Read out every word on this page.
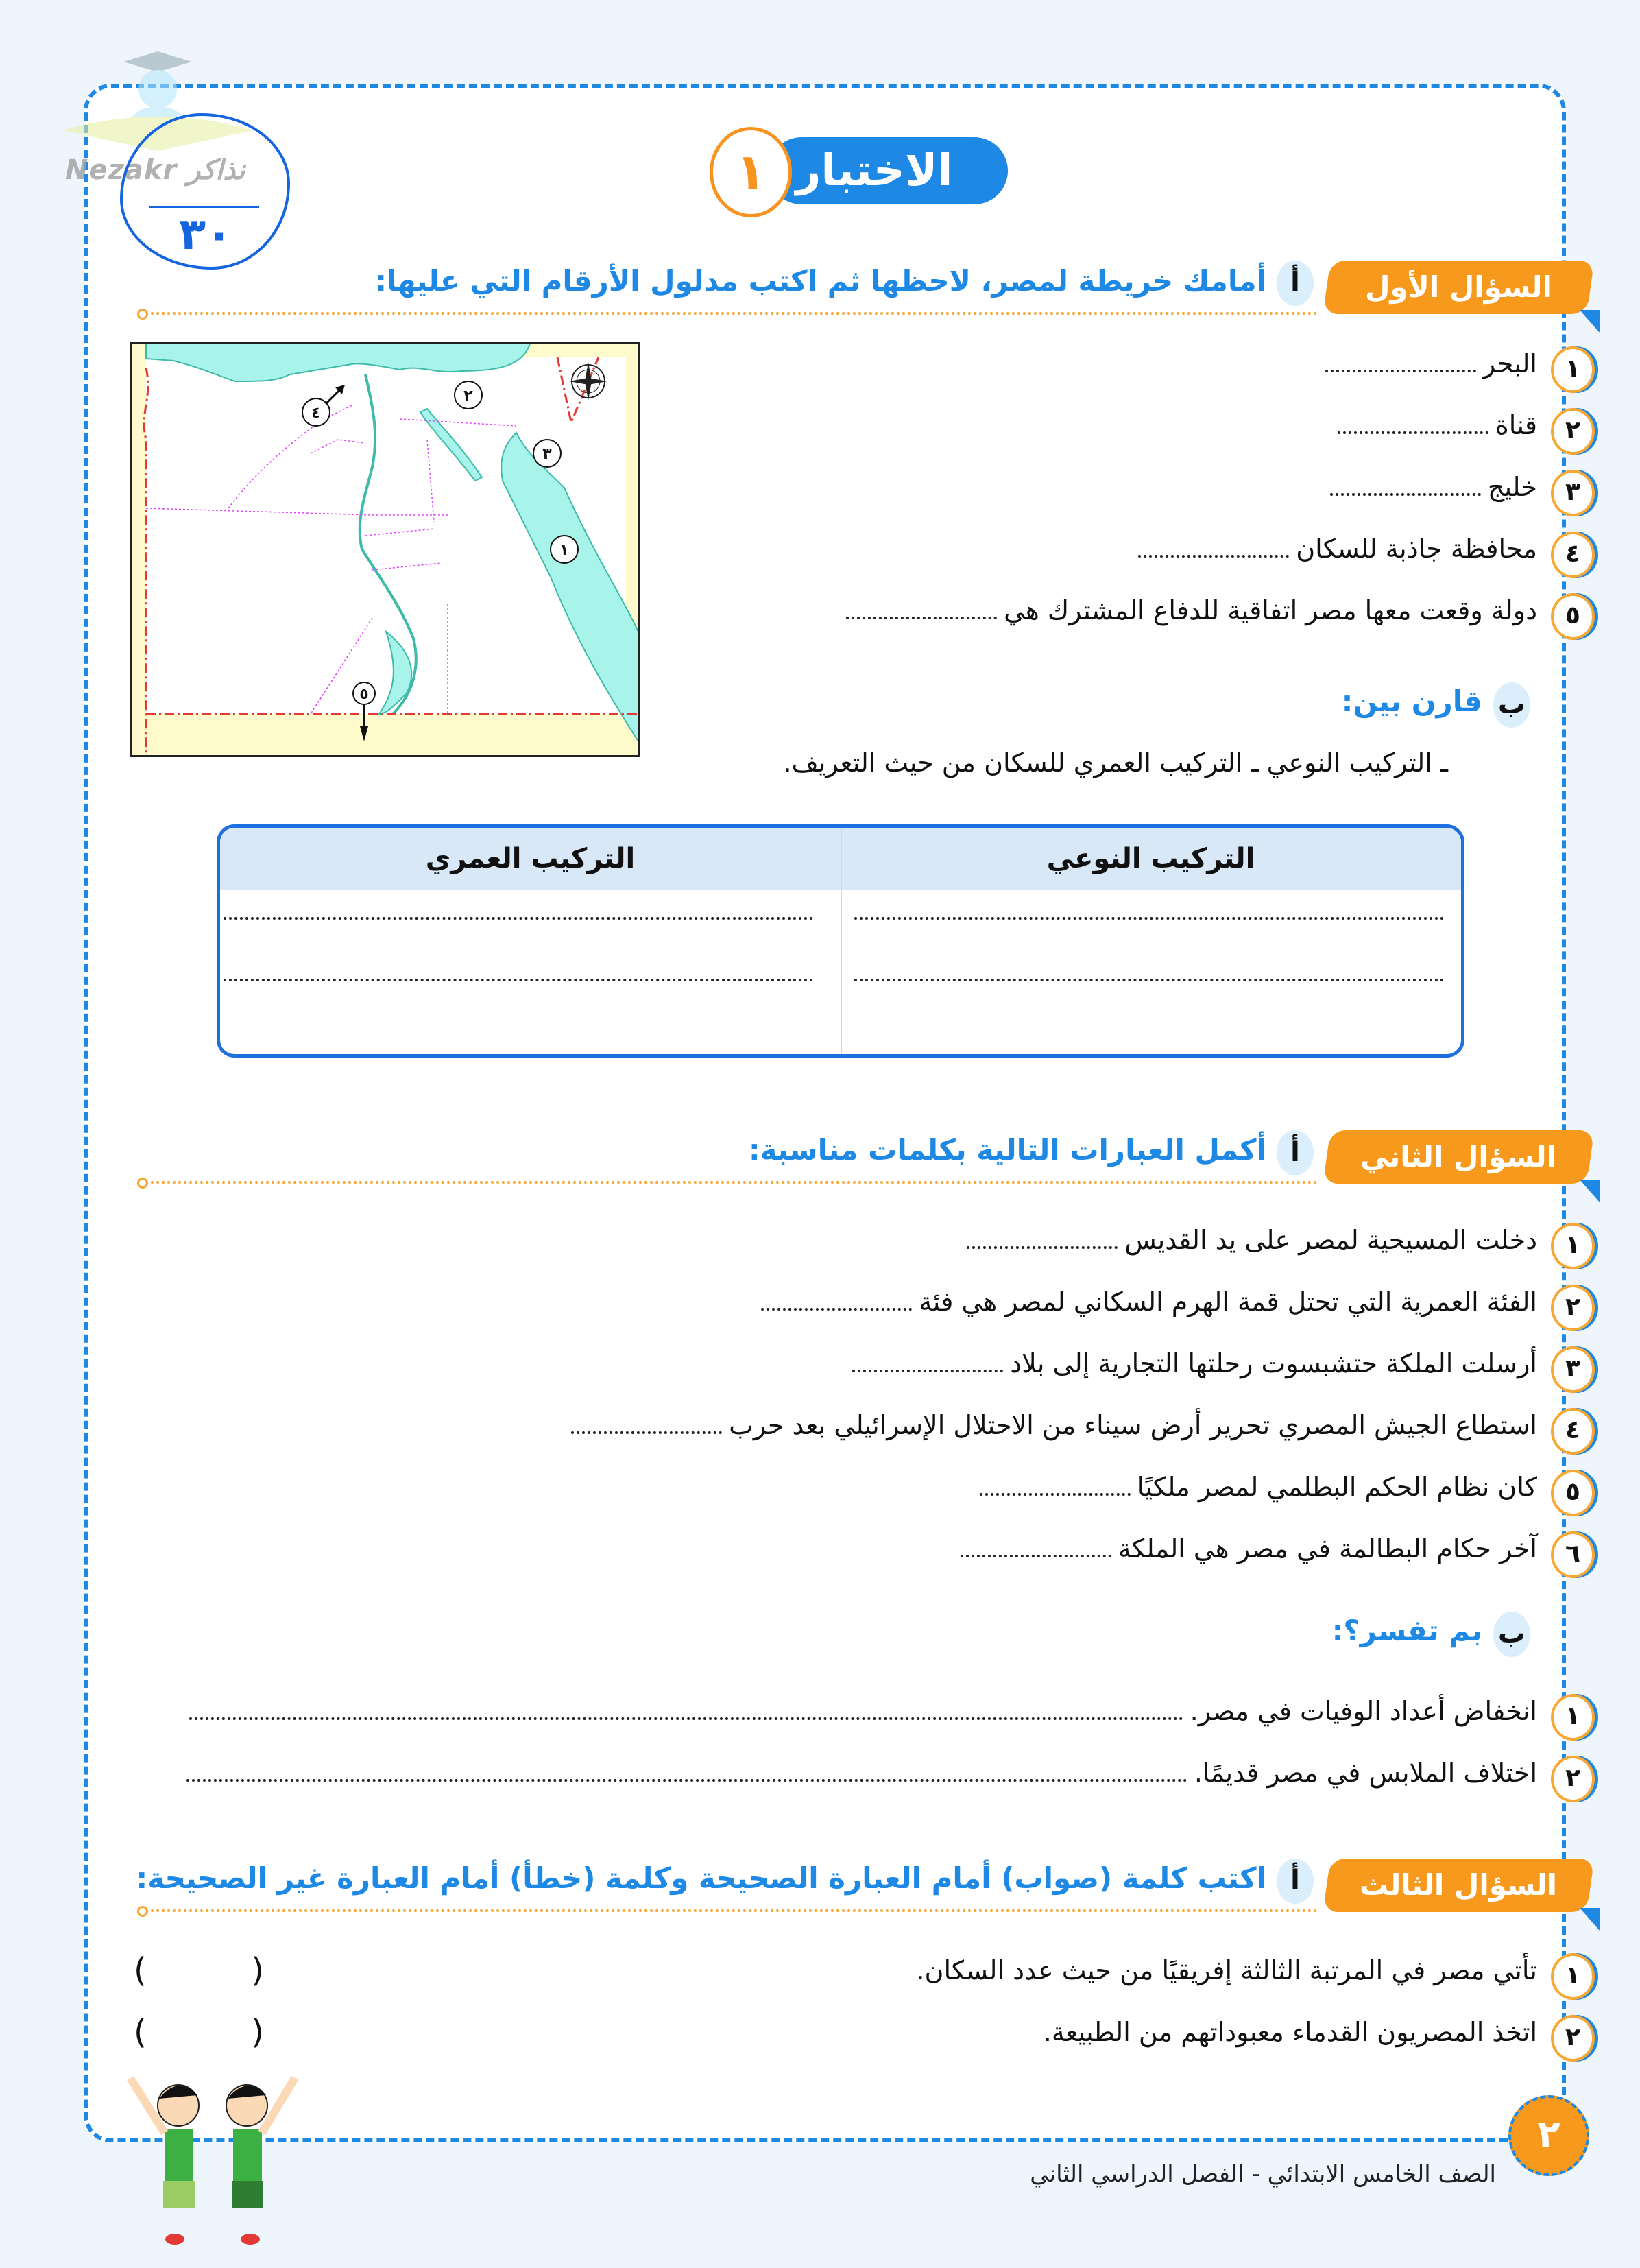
Nezakr نذاكر
٣٠
الاختبار
١
السؤال الأول
أ
أمامك خريطة لمصر، لاحظها ثم اكتب مدلول الأرقام التي عليها:
١
البحر
٢
قناة
٣
خليج
٤
محافظة جاذبة للسكان
٥
دولة وقعت معها مصر اتفاقية للدفاع المشترك هي
١
٢
٣
٤
٥	ب
قارن بين:
ـ التركيب النوعي ـ التركيب العمري للسكان من حيث التعريف.
التركيب النوعي
التركيب العمري
السؤال الثاني
أ
أكمل العبارات التالية بكلمات مناسبة:
١
دخلت المسيحية لمصر على يد القديس
٢
الفئة العمرية التي تحتل قمة الهرم السكاني لمصر هي فئة
٣
أرسلت الملكة حتشبسوت رحلتها التجارية إلى بلاد
٤
استطاع الجيش المصري تحرير أرض سيناء من الاحتلال الإسرائيلي بعد حرب
٥
كان نظام الحكم البطلمي لمصر ملكيًا
٦
آخر حكام البطالمة في مصر هي الملكة
ب
بم تفسر؟:
١
انخفاض أعداد الوفيات في مصر.
٢
اختلاف الملابس في مصر قديمًا.
السؤال الثالث
أ
اكتب كلمة (صواب) أمام العبارة الصحيحة وكلمة (خطأ) أمام العبارة غير الصحيحة:
١
تأتي مصر في المرتبة الثالثة إفريقيًا من حيث عدد السكان.
(	)
٢
اتخذ المصريون القدماء معبوداتهم من الطبيعة.
(	)
٢
الصف الخامس الابتدائي - الفصل الدراسي الثاني
